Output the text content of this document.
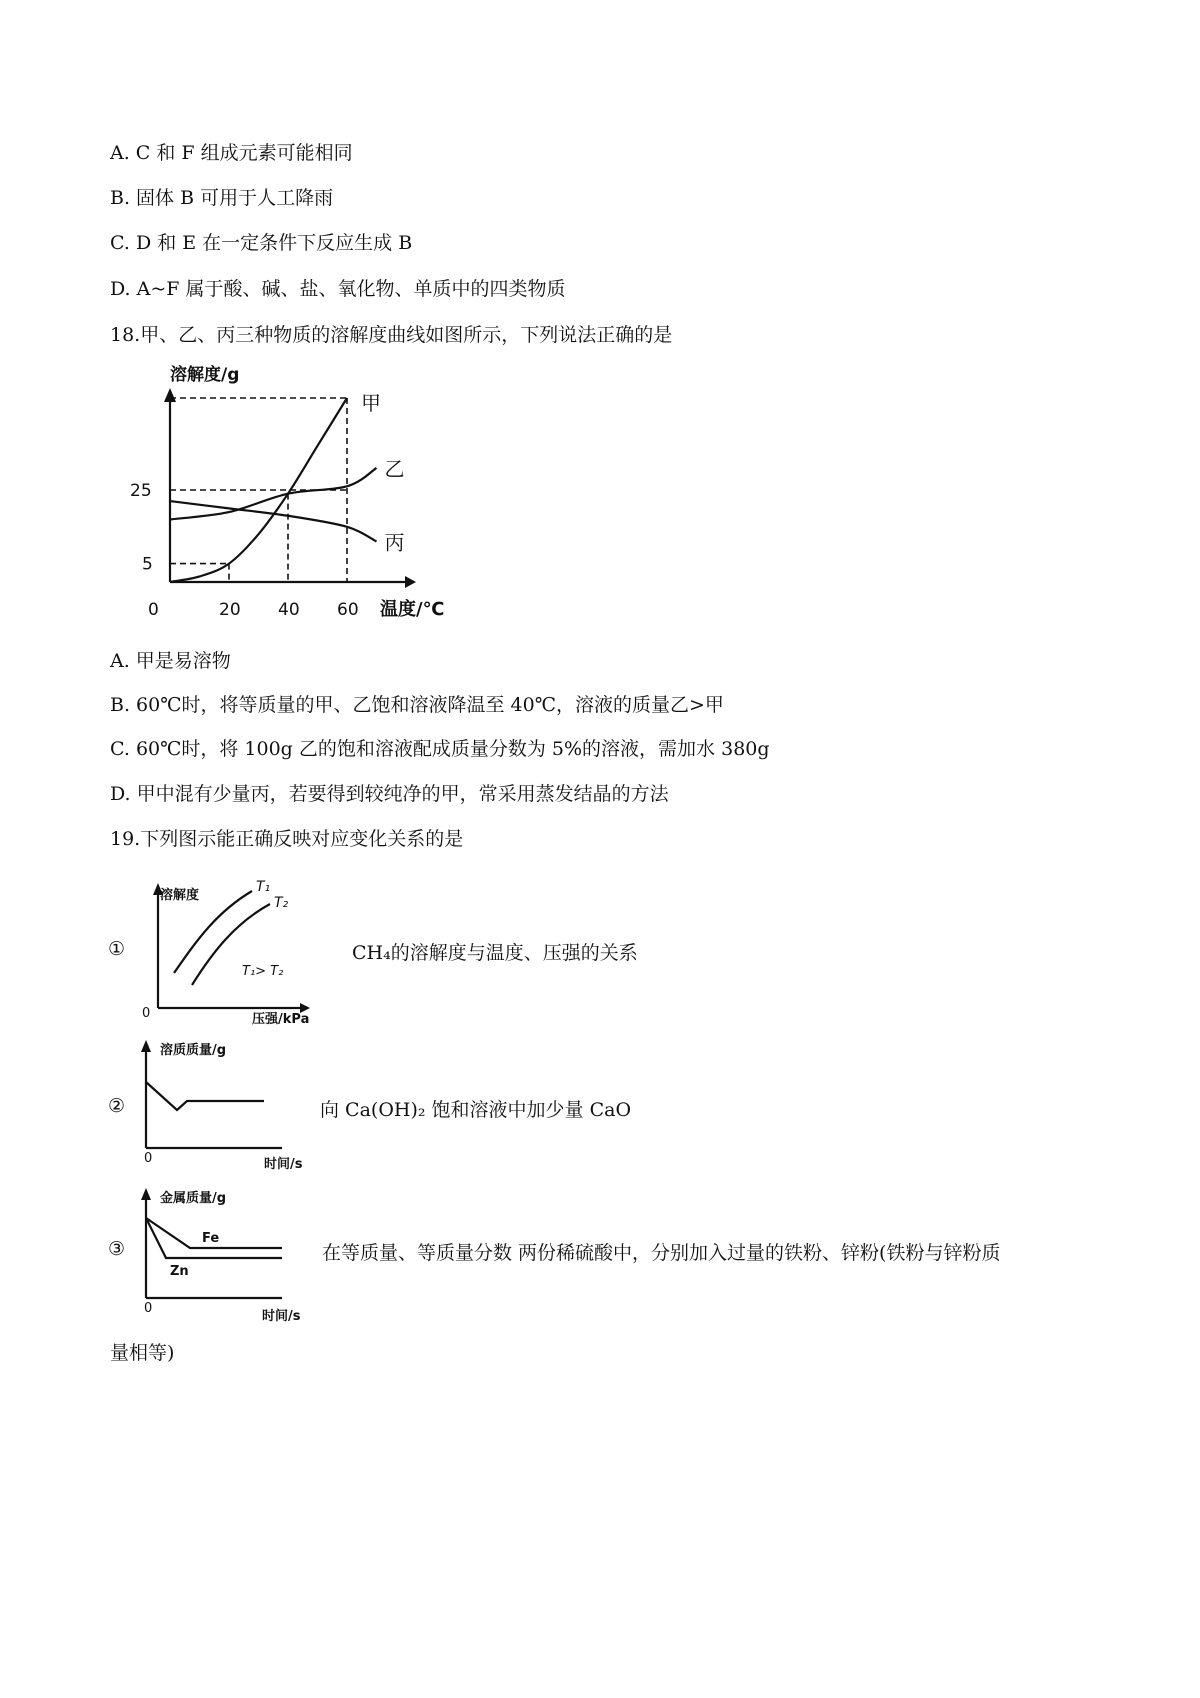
A. C 和 F 组成元素可能相同
B. 固体 B 可用于人工降雨
C. D 和 E 在一定条件下反应生成 B
D. A~F 属于酸、碱、盐、氧化物、单质中的四类物质
18.甲、乙、丙三种物质的溶解度曲线如图所示，下列说法正确的是
溶解度/g
温度/℃
0	20 40 60
5
25
甲
乙
丙
A. 甲是易溶物
B. 60℃时，将等质量的甲、乙饱和溶液降温至 40℃，溶液的质量乙>甲
C. 60℃时，将 100g 乙的饱和溶液配成质量分数为 5%的溶液，需加水 380g
D. 甲中混有少量丙，若要得到较纯净的甲，常采用蒸发结晶的方法
19.下列图示能正确反映对应变化关系的是
①
溶解度
压强/kPa
0
T₁
T₂
T₁> T₂
CH₄的溶解度与温度、压强的关系
②
溶质质量/g
时间/s
0
向 Ca(OH)₂ 饱和溶液中加少量 CaO
③
金属质量/g
时间/s
0
Fe
Zn
在等质量、等质量分数 两份稀硫酸中，分别加入过量的铁粉、锌粉(铁粉与锌粉质
量相等)
